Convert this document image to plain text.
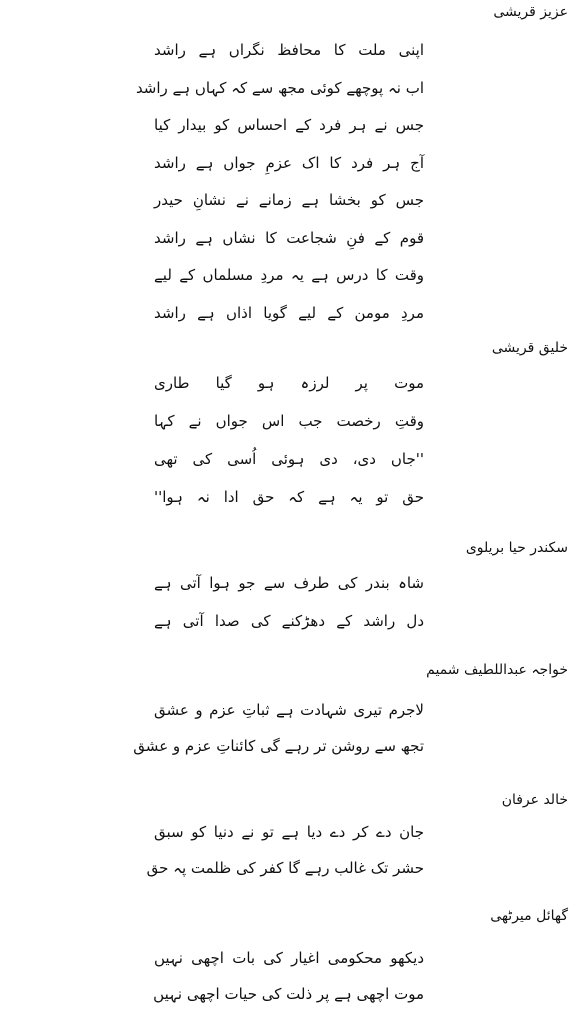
عزیز قریشی
اپنی ملت کا محافظ نگراں ہے راشد
اب نہ پوچھے کوئی مجھ سے کہ کہاں ہے راشد
جس نے ہر فرد کے احساس کو بیدار کیا
آج ہر فرد کا اک عزمِ جواں ہے راشد
جس کو بخشا ہے زمانے نے نشانِ حیدر
قوم کے فنِ شجاعت کا نشاں ہے راشد
وقت کا درس ہے یہ مردِ مسلماں کے لیے
مردِ مومن کے لیے گویا اذاں ہے راشد
خلیق قریشی
موت پر لرزہ ہو گیا طاری
وقتِ رخصت جب اس جواں نے کہا
''جاں دی، دی ہوئی اُسی کی تھی
حق تو یہ ہے کہ حق ادا نہ ہوا''
سکندر حیا بریلوی
شاہ بندر کی طرف سے جو ہوا آتی ہے
دل راشد کے دھڑکنے کی صدا آتی ہے
خواجہ عبداللطیف شمیم
لاجرم تیری شہادت ہے ثباتِ عزم و عشق
تجھ سے روشن تر رہے گی کائناتِ عزم و عشق
خالد عرفان
جان دے کر دے دیا ہے تو نے دنیا کو سبق
حشر تک غالب رہے گا کفر کی ظلمت پہ حق
گھائل میرٹھی
دیکھو محکومی اغیار کی بات اچھی نہیں
موت اچھی ہے پر ذلت کی حیات اچھی نہیں
